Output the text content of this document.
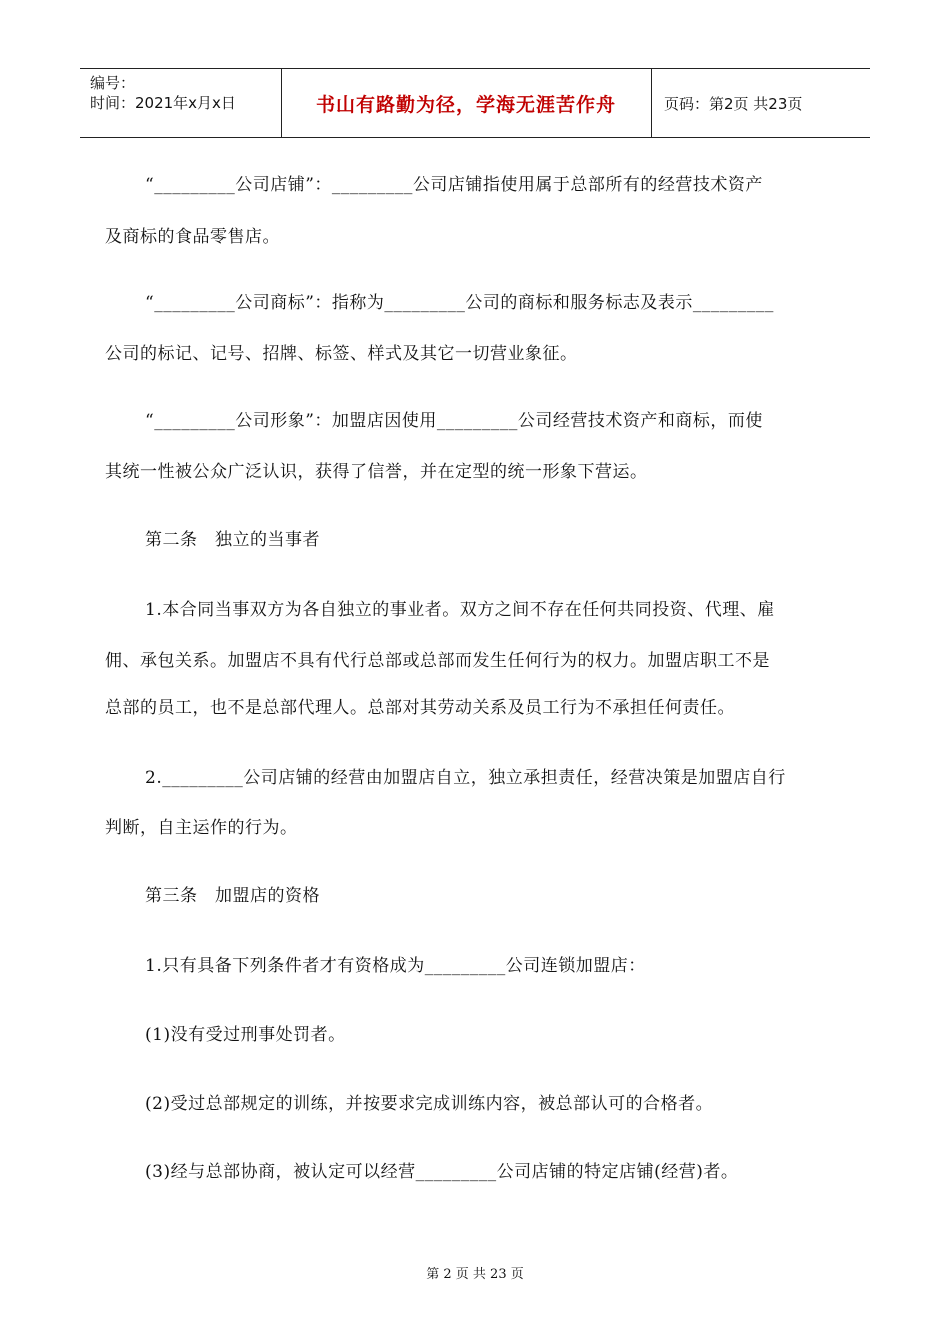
编号：
时间：2021年x月x日	书山有路勤为径，学海无涯苦作舟	页码：第2页 共23页
“_________公司店铺”：_________公司店铺指使用属于总部所有的经营技术资产
及商标的食品零售店。
“_________公司商标”：指称为_________公司的商标和服务标志及表示_________
公司的标记、记号、招牌、标签、样式及其它一切营业象征。
“_________公司形象”：加盟店因使用_________公司经营技术资产和商标，而使
其统一性被公众广泛认识，获得了信誉，并在定型的统一形象下营运。
第二条　独立的当事者
1.本合同当事双方为各自独立的事业者。双方之间不存在任何共同投资、代理、雇
佣、承包关系。加盟店不具有代行总部或总部而发生任何行为的权力。加盟店职工不是
总部的员工，也不是总部代理人。总部对其劳动关系及员工行为不承担任何责任。
2._________公司店铺的经营由加盟店自立，独立承担责任，经营决策是加盟店自行
判断，自主运作的行为。
第三条　加盟店的资格
1.只有具备下列条件者才有资格成为_________公司连锁加盟店：
(1)没有受过刑事处罚者。
(2)受过总部规定的训练，并按要求完成训练内容，被总部认可的合格者。
(3)经与总部协商，被认定可以经营_________公司店铺的特定店铺(经营)者。
第 2 页 共 23 页
